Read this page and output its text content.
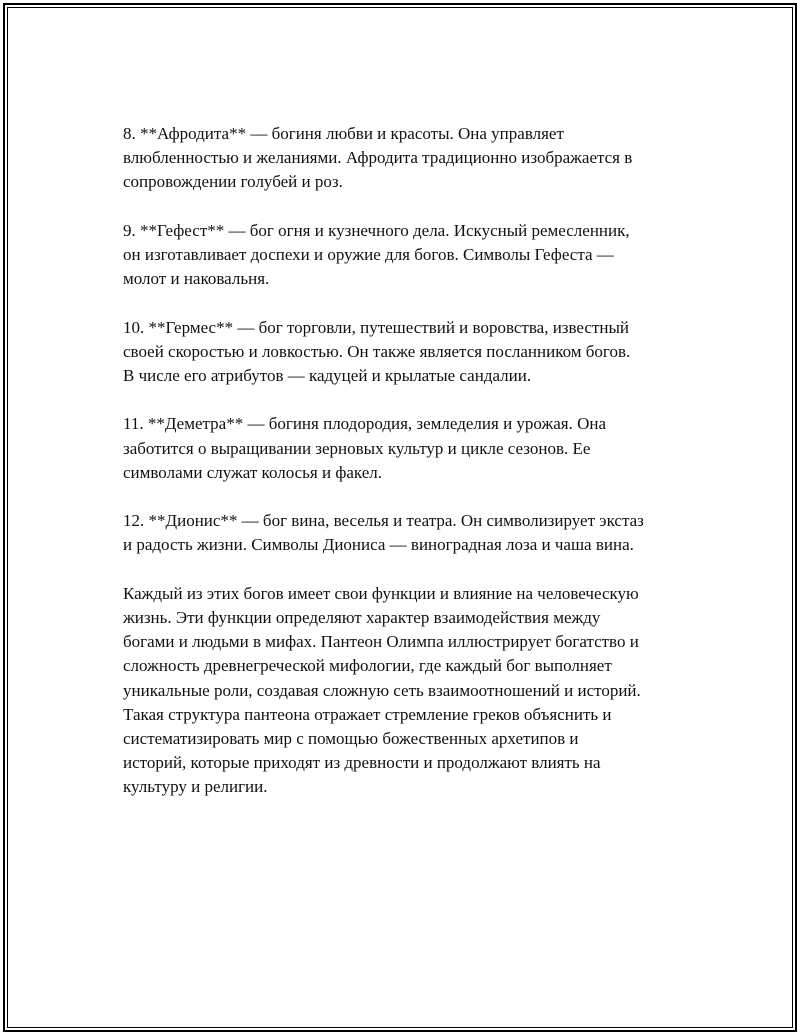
8. **Афродита** — богиня любви и красоты. Она управляет
влюбленностью и желаниями. Афродита традиционно изображается в
сопровождении голубей и роз.

9. **Гефест** — бог огня и кузнечного дела. Искусный ремесленник,
он изготавливает доспехи и оружие для богов. Символы Гефеста —
молот и наковальня.

10. **Гермес** — бог торговли, путешествий и воровства, известный
своей скоростью и ловкостью. Он также является посланником богов.
В числе его атрибутов — кадуцей и крылатые сандалии.

11. **Деметра** — богиня плодородия, земледелия и урожая. Она
заботится о выращивании зерновых культур и цикле сезонов. Ее
символами служат колосья и факел.

12. **Дионис** — бог вина, веселья и театра. Он символизирует экстаз
и радость жизни. Символы Диониса — виноградная лоза и чаша вина.

Каждый из этих богов имеет свои функции и влияние на человеческую
жизнь. Эти функции определяют характер взаимодействия между
богами и людьми в мифах. Пантеон Олимпа иллюстрирует богатство и
сложность древнегреческой мифологии, где каждый бог выполняет
уникальные роли, создавая сложную сеть взаимоотношений и историй.
Такая структура пантеона отражает стремление греков объяснить и
систематизировать мир с помощью божественных архетипов и
историй, которые приходят из древности и продолжают влиять на
культуру и религии.
